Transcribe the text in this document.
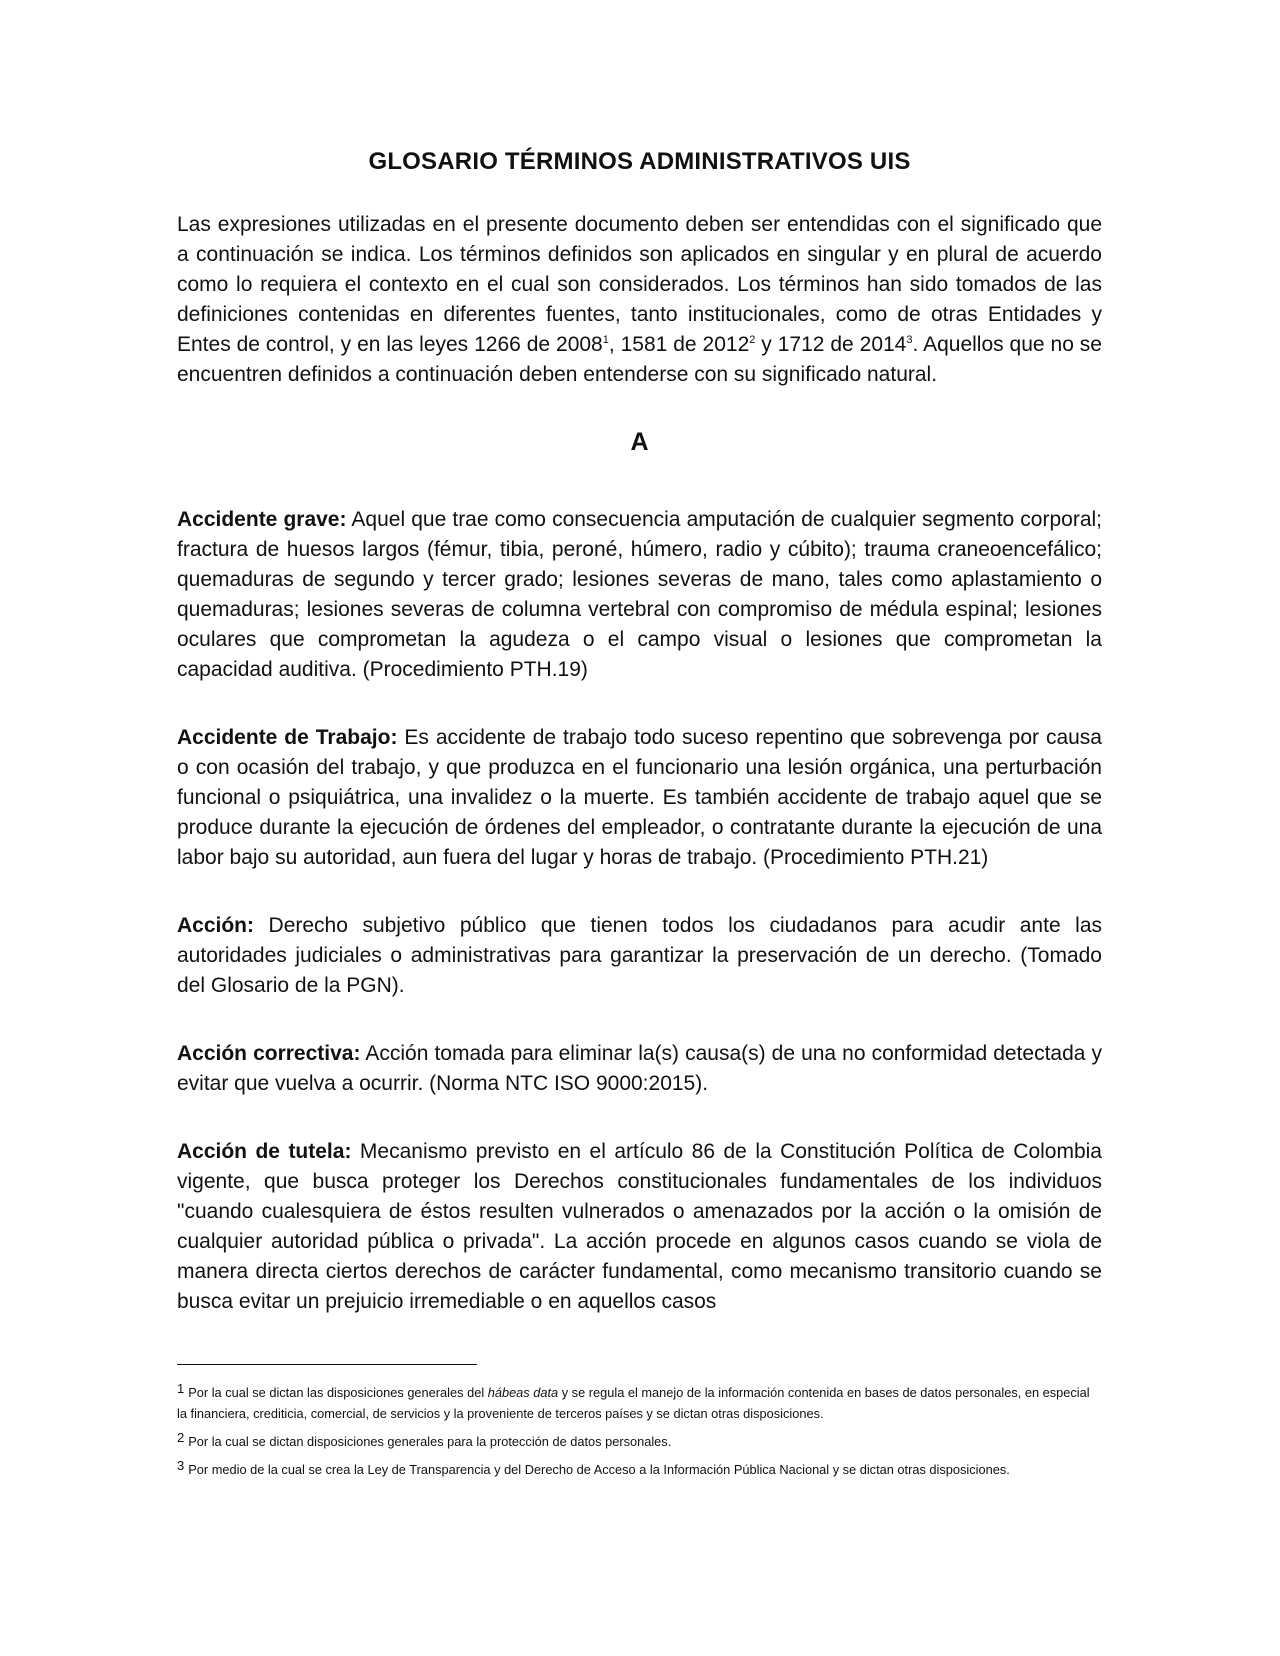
GLOSARIO TÉRMINOS ADMINISTRATIVOS UIS

Las expresiones utilizadas en el presente documento deben ser entendidas con el significado que a continuación se indica. Los términos definidos son aplicados en singular y en plural de acuerdo como lo requiera el contexto en el cual son considerados. Los términos han sido tomados de las definiciones contenidas en diferentes fuentes, tanto institucionales, como de otras Entidades y Entes de control, y en las leyes 1266 de 2008$^1$, 1581 de 2012$^2$ y 1712 de 2014$^3$. Aquellos que no se encuentren definidos a continuación deben entenderse con su significado natural.

A

Accidente grave: Aquel que trae como consecuencia amputación de cualquier segmento corporal; fractura de huesos largos (fémur, tibia, peroné, húmero, radio y cúbito); trauma craneoencefálico; quemaduras de segundo y tercer grado; lesiones severas de mano, tales como aplastamiento o quemaduras; lesiones severas de columna vertebral con compromiso de médula espinal; lesiones oculares que comprometan la agudeza o el campo visual o lesiones que comprometan la capacidad auditiva. (Procedimiento PTH.19)

Accidente de Trabajo: Es accidente de trabajo todo suceso repentino que sobrevenga por causa o con ocasión del trabajo, y que produzca en el funcionario una lesión orgánica, una perturbación funcional o psiquiátrica, una invalidez o la muerte. Es también accidente de trabajo aquel que se produce durante la ejecución de órdenes del empleador, o contratante durante la ejecución de una labor bajo su autoridad, aun fuera del lugar y horas de trabajo. (Procedimiento PTH.21)

Acción: Derecho subjetivo público que tienen todos los ciudadanos para acudir ante las autoridades judiciales o administrativas para garantizar la preservación de un derecho. (Tomado del Glosario de la PGN).

Acción correctiva: Acción tomada para eliminar la(s) causa(s) de una no conformidad detectada y evitar que vuelva a ocurrir. (Norma NTC ISO 9000:2015).

Acción de tutela: Mecanismo previsto en el artículo 86 de la Constitución Política de Colombia vigente, que busca proteger los Derechos constitucionales fundamentales de los individuos "cuando cualesquiera de éstos resulten vulnerados o amenazados por la acción o la omisión de cualquier autoridad pública o privada". La acción procede en algunos casos cuando se viola de manera directa ciertos derechos de carácter fundamental, como mecanismo transitorio cuando se busca evitar un prejuicio irremediable o en aquellos casos

1 Por la cual se dictan las disposiciones generales del hábeas data y se regula el manejo de la información contenida en bases de datos personales, en especial la financiera, crediticia, comercial, de servicios y la proveniente de terceros países y se dictan otras disposiciones.

2 Por la cual se dictan disposiciones generales para la protección de datos personales.

3 Por medio de la cual se crea la Ley de Transparencia y del Derecho de Acceso a la Información Pública Nacional y se dictan otras disposiciones.
